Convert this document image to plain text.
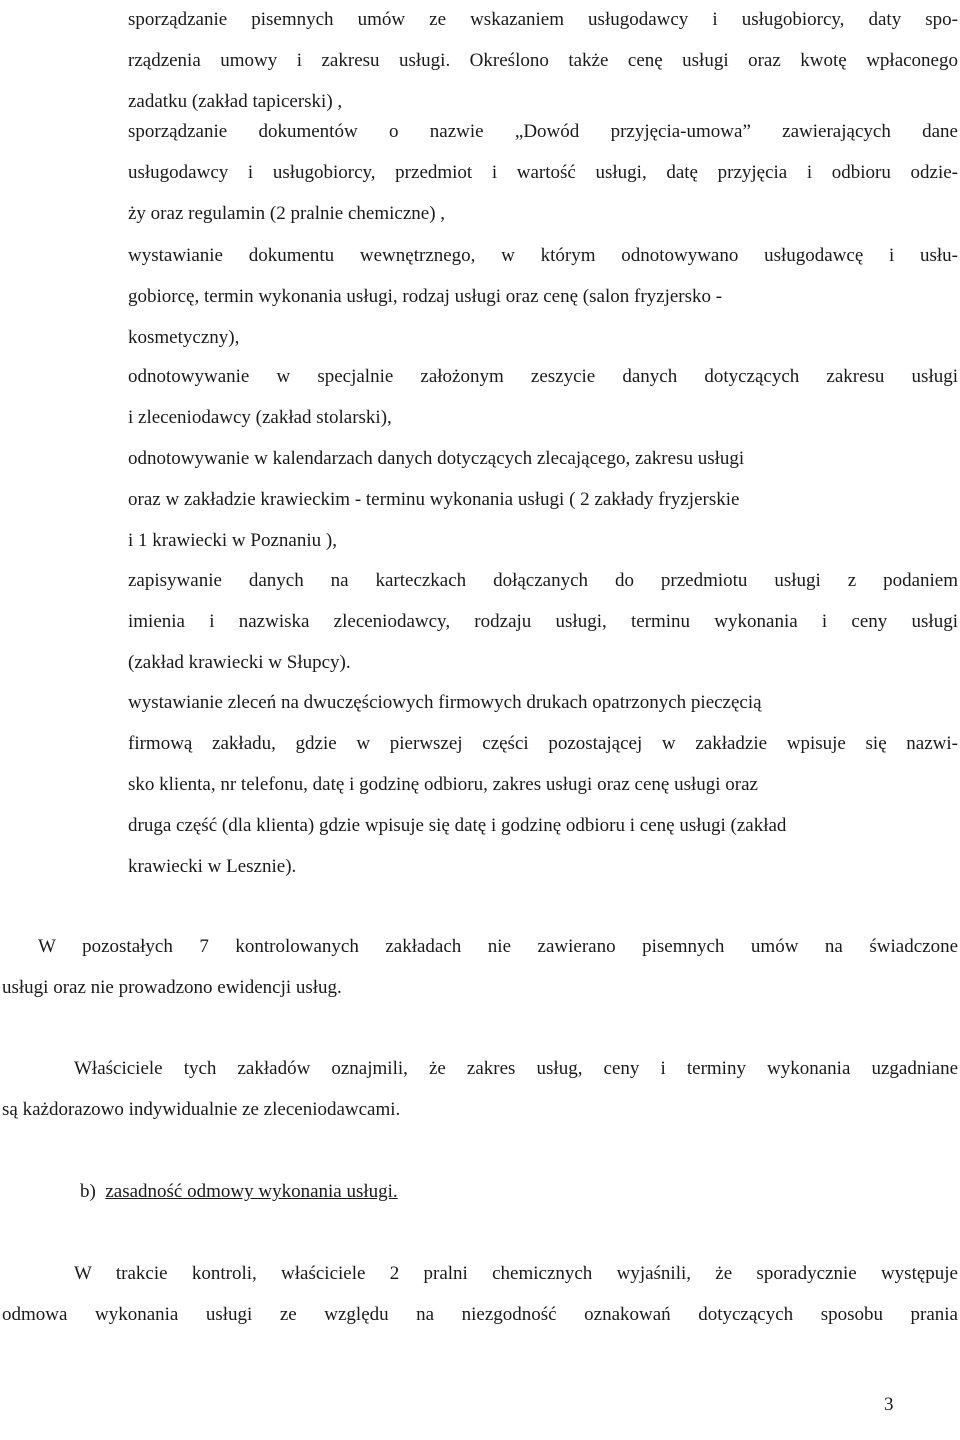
sporządzanie pisemnych umów ze wskazaniem usługodawcy i usługobiorcy, daty spo-
rządzenia umowy i zakresu usługi. Określono także cenę usługi oraz kwotę wpłaconego
zadatku (zakład tapicerski) ,
sporządzanie dokumentów o nazwie „Dowód przyjęcia-umowa” zawierających dane
usługodawcy i usługobiorcy, przedmiot i wartość usługi, datę przyjęcia i odbioru odzie-
ży oraz regulamin (2 pralnie chemiczne) ,
wystawianie dokumentu wewnętrznego, w którym odnotowywano usługodawcę i usłu-
gobiorcę, termin wykonania usługi, rodzaj usługi oraz cenę (salon fryzjersko -
kosmetyczny),
odnotowywanie w specjalnie założonym zeszycie danych dotyczących zakresu usługi
i zleceniodawcy (zakład stolarski),
odnotowywanie w kalendarzach danych dotyczących zlecającego, zakresu usługi
oraz w zakładzie krawieckim - terminu wykonania usługi ( 2 zakłady fryzjerskie
i 1 krawiecki w Poznaniu ),
zapisywanie danych na karteczkach dołączanych do przedmiotu usługi z podaniem
imienia i nazwiska zleceniodawcy, rodzaju usługi, terminu wykonania i ceny usługi
(zakład krawiecki w Słupcy).
wystawianie zleceń na dwuczęściowych firmowych drukach opatrzonych pieczęcią
firmową zakładu, gdzie w pierwszej części pozostającej w zakładzie wpisuje się nazwi-
sko klienta, nr telefonu, datę i godzinę odbioru, zakres usługi oraz cenę usługi oraz
druga część (dla klienta) gdzie wpisuje się datę i godzinę odbioru i cenę usługi (zakład
krawiecki w Lesznie).
W pozostałych 7 kontrolowanych zakładach nie zawierano pisemnych umów na świadczone
usługi oraz nie prowadzono ewidencji usług.
Właściciele tych zakładów oznajmili, że zakres usług, ceny i terminy wykonania uzgadniane
są każdorazowo indywidualnie ze zleceniodawcami.
b) zasadność odmowy wykonania usługi.
W trakcie kontroli, właściciele 2 pralni chemicznych wyjaśnili, że sporadycznie występuje
odmowa wykonania usługi ze względu na niezgodność oznakowań dotyczących sposobu prania
3
